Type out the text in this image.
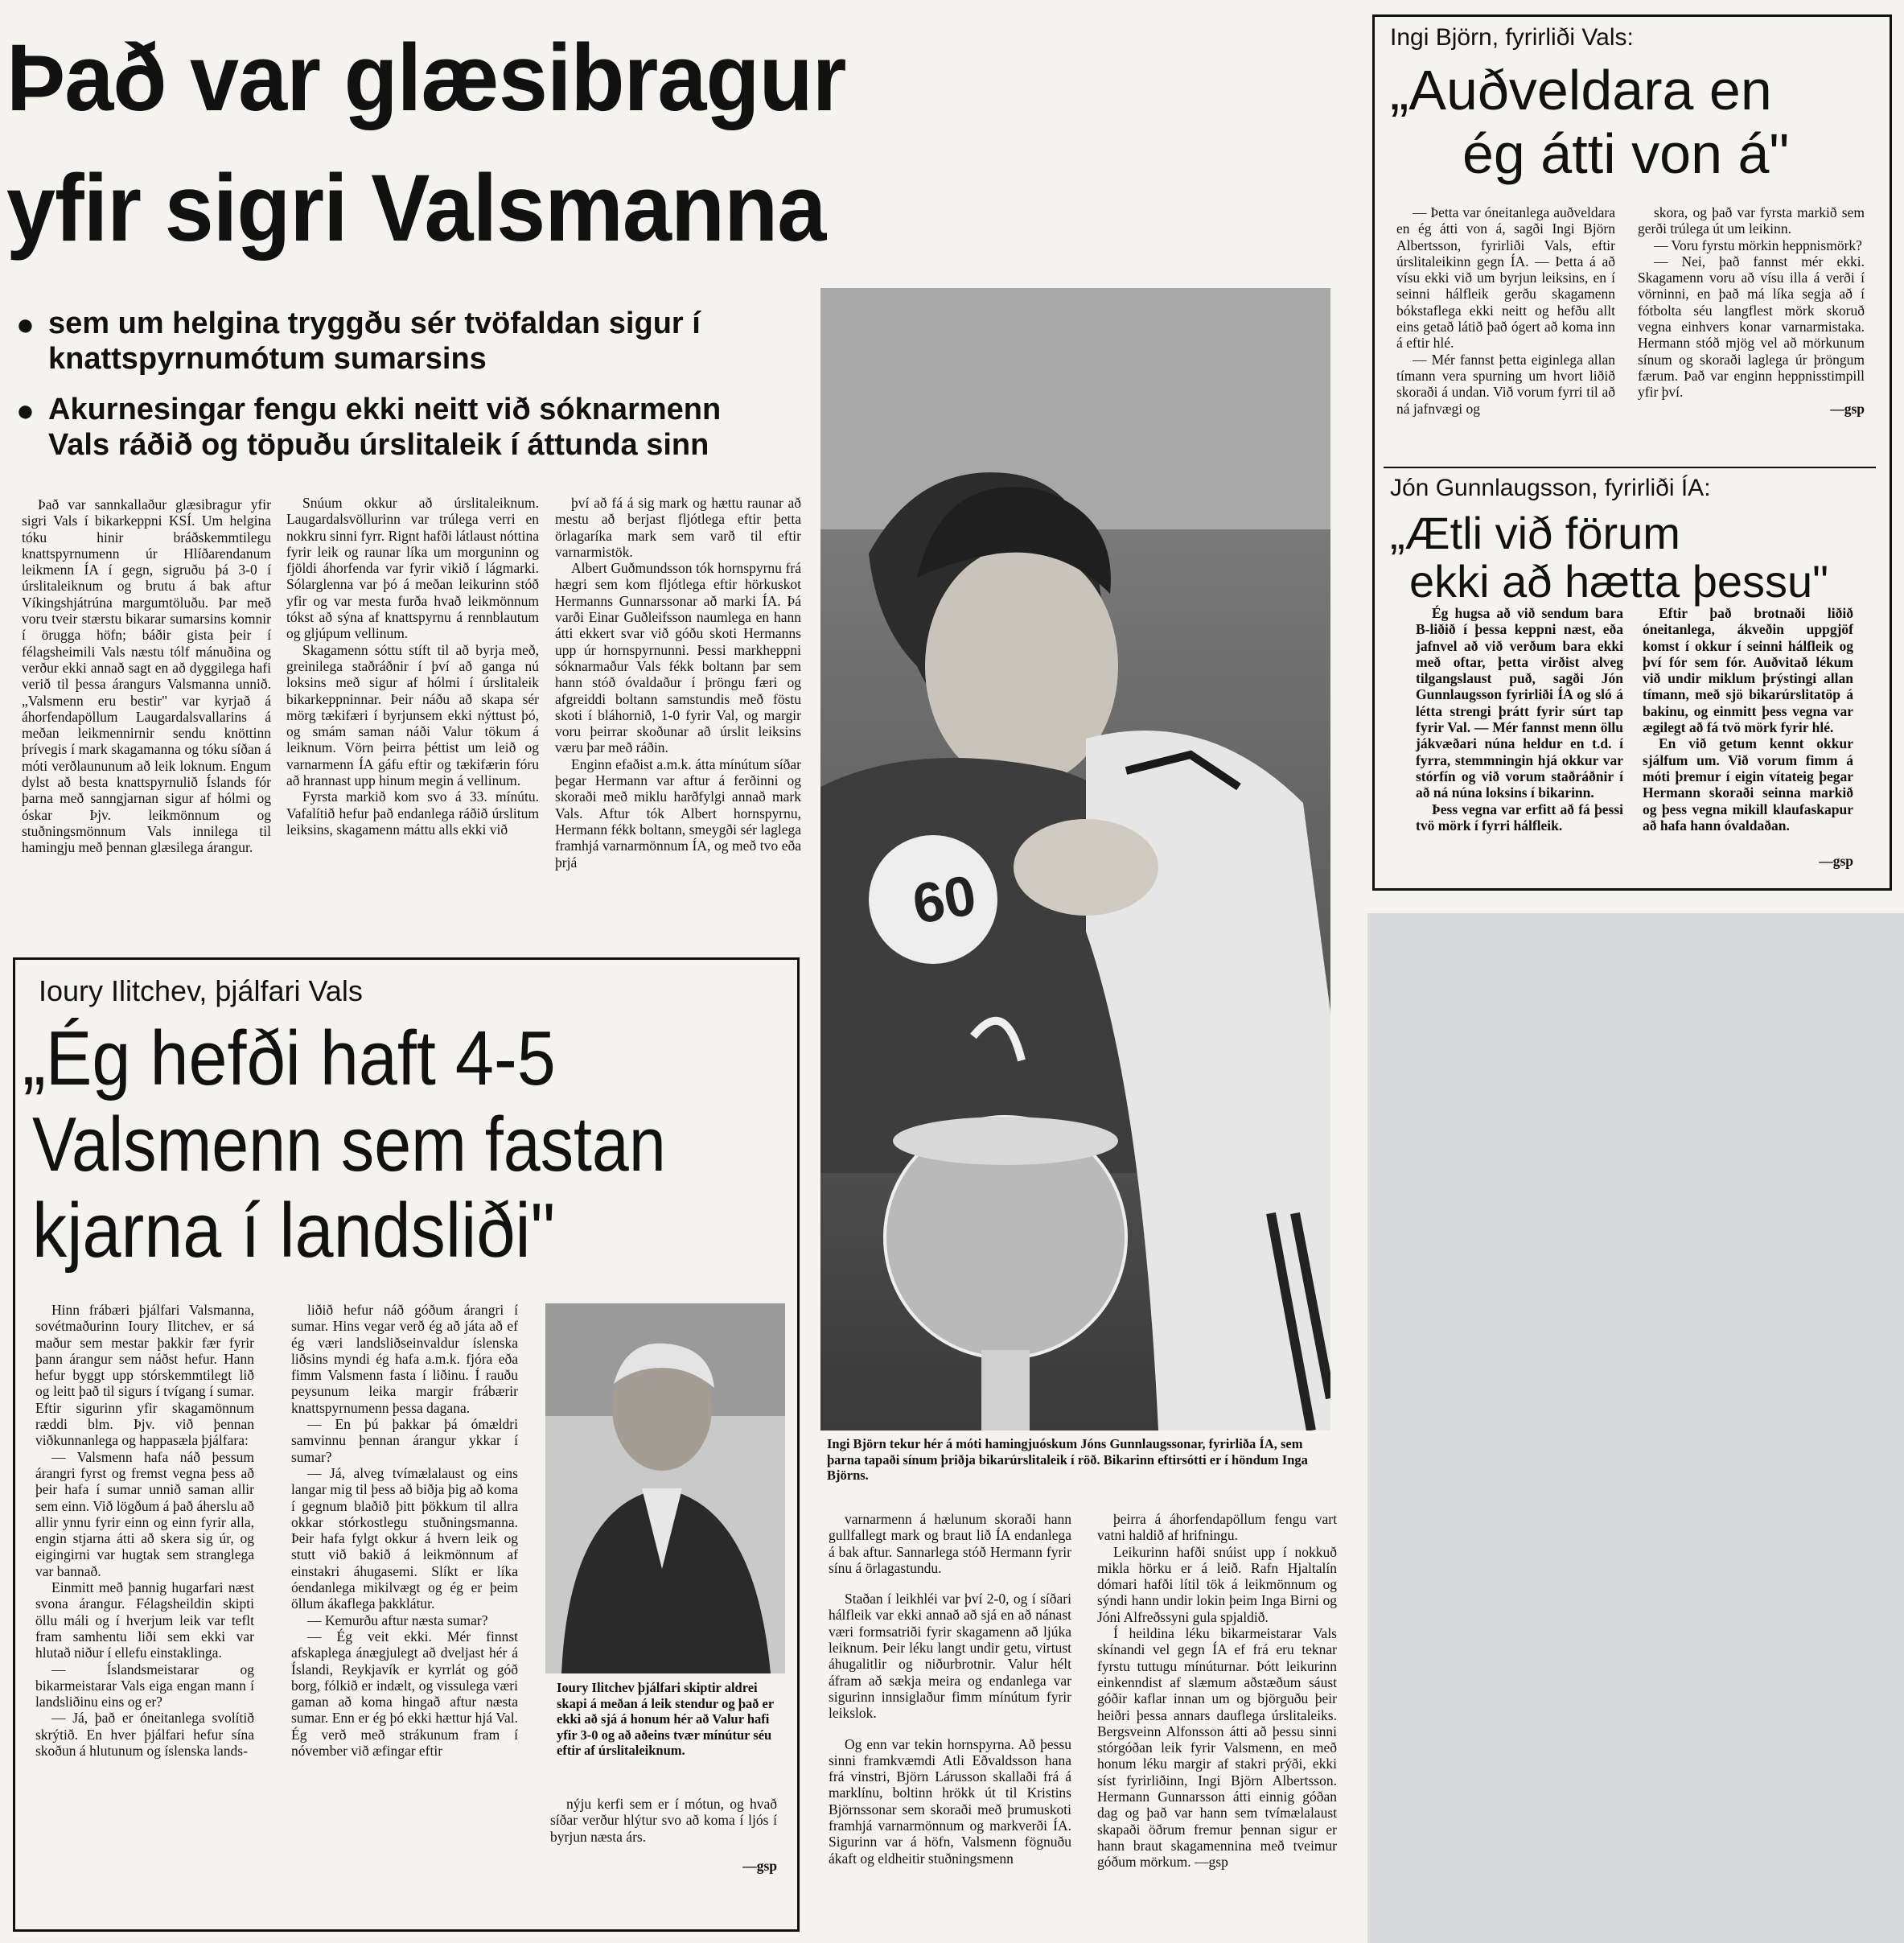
Það var glæsibragur
yfir sigri Valsmanna
● sem um helgina tryggðu sér tvöfaldan sigur í
knattspyrnumótum sumarsins
● Akurnesingar fengu ekki neitt við sóknarmenn
Vals ráðið og töpuðu úrslitaleik í áttunda sinn

Það var sannkallaður glæsibragur yfir sigri Vals í bikarkeppni KSÍ. Um helgina tóku hinir bráðskemmtilegu knattspyrnumenn úr Hlíðarendanum leikmenn ÍA í gegn, sigruðu þá 3-0 í úrslitaleiknum og brutu á bak aftur Víkingshjátrúna margumtöluðu. Þar með voru tveir stærstu bikarar sumarsins komnir í örugga höfn; báðir gista þeir í félagsheimili Vals næstu tólf mánuðina og verður ekki annað sagt en að dyggilega hafi verið til þessa árangurs Valsmanna unnið. „Valsmenn eru bestir" var kyrjað á áhorfendapöllum Laugardalsvallarins á meðan leikmennirnir sendu knöttinn þrívegis í mark skagamanna og tóku síðan á móti verðlaununum að leik loknum. Engum dylst að besta knattspyrnulið Íslands fór þarna með sanngjarnan sigur af hólmi og óskar Þjv. leikmönnum og stuðningsmönnum Vals innilega til hamingju með þennan glæsilega árangur.

Snúum okkur að úrslitaleiknum. Laugardalsvöllurinn var trúlega verri en nokkru sinni fyrr. Rignt hafði látlaust nóttina fyrir leik og raunar líka um morguninn og fjöldi áhorfenda var fyrir vikið í lágmarki. Sólarglenna var þó á meðan leikurinn stóð yfir og var mesta furða hvað leikmönnum tókst að sýna af knattspyrnu á rennblautum og gljúpum vellinum.

Skagamenn sóttu stíft til að byrja með, greinilega staðráðnir í því að ganga nú loksins með sigur af hólmi í úrslitaleik bikarkeppninnar. Þeir náðu að skapa sér mörg tækifæri í byrjunsem ekki nýttust þó, og smám saman náði Valur tökum á leiknum. Vörn þeirra þéttist um leið og varnarmenn ÍA gáfu eftir og tækifærin fóru að hrannast upp hinum megin á vellinum.

Fyrsta markið kom svo á 33. mínútu. Vafalítið hefur það endanlega ráðið úrslitum leiksins, skagamenn máttu alls ekki við

því að fá á sig mark og hættu raunar að mestu að berjast fljótlega eftir þetta örlagaríka mark sem varð til eftir varnarmistök.

Albert Guðmundsson tók hornspyrnu frá hægri sem kom fljótlega eftir hörkuskot Hermanns Gunnarssonar að marki ÍA. Þá varði Einar Guðleifsson naumlega en hann átti ekkert svar við góðu skoti Hermanns upp úr hornspyrnunni. Þessi markheppni sóknarmaður Vals fékk boltann þar sem hann stóð óvaldaður í þröngu færi og afgreiddi boltann samstundis með föstu skoti í bláhornið, 1-0 fyrir Val, og margir voru þeirrar skoðunar að úrslit leiksins væru þar með ráðin.

Enginn efaðist a.m.k. átta mínútum síðar þegar Hermann var aftur á ferðinni og skoraði með miklu harðfylgi annað mark Vals. Aftur tók Albert hornspyrnu, Hermann fékk boltann, smeygði sér laglega framhjá varnarmönnum ÍA, og með tvo eða þrjá

60
Ingi Björn tekur hér á móti hamingjuóskum Jóns Gunnlaugssonar, fyrirliða ÍA, sem þarna tapaði sínum þriðja bikarúrslitaleik í röð. Bikarinn eftirsótti er í höndum Inga Björns.
Ingi Björn, fyrirliði Vals:
„Auðveldara en
ég átti von á"

— Þetta var óneitanlega auðveldara en ég átti von á, sagði Ingi Björn Albertsson, fyrirliði Vals, eftir úrslitaleikinn gegn ÍA. — Þetta á að vísu ekki við um byrjun leiksins, en í seinni hálfleik gerðu skagamenn bókstaflega ekki neitt og hefðu allt eins getað látið það ógert að koma inn á eftir hlé.

— Mér fannst þetta eiginlega allan tímann vera spurning um hvort liðið skoraði á undan. Við vorum fyrri til að ná jafnvægi og

skora, og það var fyrsta markið sem gerði trúlega út um leikinn.

— Voru fyrstu mörkin heppnismörk?

— Nei, það fannst mér ekki. Skagamenn voru að vísu illa á verði í vörninni, en það má líka segja að í fótbolta séu langflest mörk skoruð vegna einhvers konar varnarmistaka. Hermann stóð mjög vel að mörkunum sínum og skoraði laglega úr þröngum færum. Það var enginn heppnisstimpill yfir því.

—gsp
Jón Gunnlaugsson, fyrirliði ÍA:
„Ætli við förum
ekki að hætta þessu"

Ég hugsa að við sendum bara B-liðið í þessa keppni næst, eða jafnvel að við verðum bara ekki með oftar, þetta virðist alveg tilgangslaust puð, sagði Jón Gunnlaugsson fyrirliði ÍA og sló á létta strengi þrátt fyrir súrt tap fyrir Val. — Mér fannst menn öllu jákvæðari núna heldur en t.d. í fyrra, stemmningin hjá okkur var stórfín og við vorum staðráðnir í að ná núna loksins í bikarinn.

Þess vegna var erfitt að fá þessi tvö mörk í fyrri hálfleik.

Eftir það brotnaði liðið óneitanlega, ákveðin uppgjöf komst í okkur í seinni hálfleik og því fór sem fór. Auðvitað lékum við undir miklum þrýstingi allan tímann, með sjö bikarúrslitatöp á bakinu, og einmitt þess vegna var ægilegt að fá tvö mörk fyrir hlé.

En við getum kennt okkur sjálfum um. Við vorum fimm á móti þremur í eigin vítateig þegar Hermann skoraði seinna markið og þess vegna mikill klaufaskapur að hafa hann óvaldaðan.

—gsp
Ioury Ilitchev, þjálfari Vals
„Ég hefði haft 4-5
Valsmenn sem fastan
kjarna í landsliði"

Hinn frábæri þjálfari Valsmanna, sovétmaðurinn Ioury Ilitchev, er sá maður sem mestar þakkir fær fyrir þann árangur sem náðst hefur. Hann hefur byggt upp stórskemmtilegt lið og leitt það til sigurs í tvígang í sumar. Eftir sigurinn yfir skagamönnum ræddi blm. Þjv. við þennan viðkunnanlega og happasæla þjálfara:

— Valsmenn hafa náð þessum árangri fyrst og fremst vegna þess að þeir hafa í sumar unnið saman allir sem einn. Við lögðum á það áherslu að allir ynnu fyrir einn og einn fyrir alla, engin stjarna átti að skera sig úr, og eigingirni var hugtak sem stranglega var bannað.

Einmitt með þannig hugarfari næst svona árangur. Félagsheildin skipti öllu máli og í hverjum leik var teflt fram samhentu liði sem ekki var hlutað niður í ellefu einstaklinga.

— Íslandsmeistarar og bikarmeistarar Vals eiga engan mann í landsliðinu eins og er?

— Já, það er óneitanlega svolítið skrýtið. En hver þjálfari hefur sína skoðun á hlutunum og íslenska lands-

liðið hefur náð góðum árangri í sumar. Hins vegar verð ég að játa að ef ég væri landsliðseinvaldur íslenska liðsins myndi ég hafa a.m.k. fjóra eða fimm Valsmenn fasta í liðinu. Í rauðu peysunum leika margir frábærir knattspyrnumenn þessa dagana.

— En þú þakkar þá ómældri samvinnu þennan árangur ykkar í sumar?

— Já, alveg tvímælalaust og eins langar mig til þess að biðja þig að koma í gegnum blaðið þitt þökkum til allra okkar stórkostlegu stuðningsmanna. Þeir hafa fylgt okkur á hvern leik og stutt við bakið á leikmönnum af einstakri áhugasemi. Slíkt er líka óendanlega mikilvægt og ég er þeim öllum ákaflega þakklátur.

— Kemurðu aftur næsta sumar?

— Ég veit ekki. Mér finnst afskaplega ánægjulegt að dveljast hér á Íslandi, Reykjavík er kyrrlát og góð borg, fólkið er indælt, og vissulega væri gaman að koma hingað aftur næsta sumar. Enn er ég þó ekki hættur hjá Val. Ég verð með strákunum fram í nóvember við æfingar eftir

Ioury Ilitchev þjálfari skiptir aldrei skapi á meðan á leik stendur og það er ekki að sjá á honum hér að Valur hafi yfir 3-0 og að aðeins tvær mínútur séu eftir af úrslitaleiknum.

nýju kerfi sem er í mótun, og hvað síðar verður hlýtur svo að koma í ljós í byrjun næsta árs.

—gsp

varnarmenn á hælunum skoraði hann gullfallegt mark og braut lið ÍA endanlega á bak aftur. Sannarlega stóð Hermann fyrir sínu á örlagastundu.

Staðan í leikhléi var því 2-0, og í síðari hálfleik var ekki annað að sjá en að nánast væri formsatriði fyrir skagamenn að ljúka leiknum. Þeir léku langt undir getu, virtust áhugalitlir og niðurbrotnir. Valur hélt áfram að sækja meira og endanlega var sigurinn innsiglaður fimm mínútum fyrir leikslok.

Og enn var tekin hornspyrna. Að þessu sinni framkvæmdi Atli Eðvaldsson hana frá vinstri, Björn Lárusson skallaði frá á marklínu, boltinn hrökk út til Kristins Björnssonar sem skoraði með þrumuskoti framhjá varnarmönnum og markverði ÍA. Sigurinn var á höfn, Valsmenn fögnuðu ákaft og eldheitir stuðningsmenn

þeirra á áhorfendapöllum fengu vart vatni haldið af hrifningu.

Leikurinn hafði snúist upp í nokkuð mikla hörku er á leið. Rafn Hjaltalín dómari hafði lítil tök á leikmönnum og sýndi hann undir lokin þeim Inga Birni og Jóni Alfreðssyni gula spjaldið.

Í heildina léku bikarmeistarar Vals skínandi vel gegn ÍA ef frá eru teknar fyrstu tuttugu mínúturnar. Þótt leikurinn einkenndist af slæmum aðstæðum sáust góðir kaflar innan um og björguðu þeir heiðri þessa annars dauflega úrslitaleiks. Bergsveinn Alfonsson átti að þessu sinni stórgóðan leik fyrir Valsmenn, en með honum léku margir af stakri prýði, ekki síst fyrirliðinn, Ingi Björn Albertsson. Hermann Gunnarsson átti einnig góðan dag og það var hann sem tvímælalaust skapaði öðrum fremur þennan sigur er hann braut skagamennina með tveimur góðum mörkum. —gsp
